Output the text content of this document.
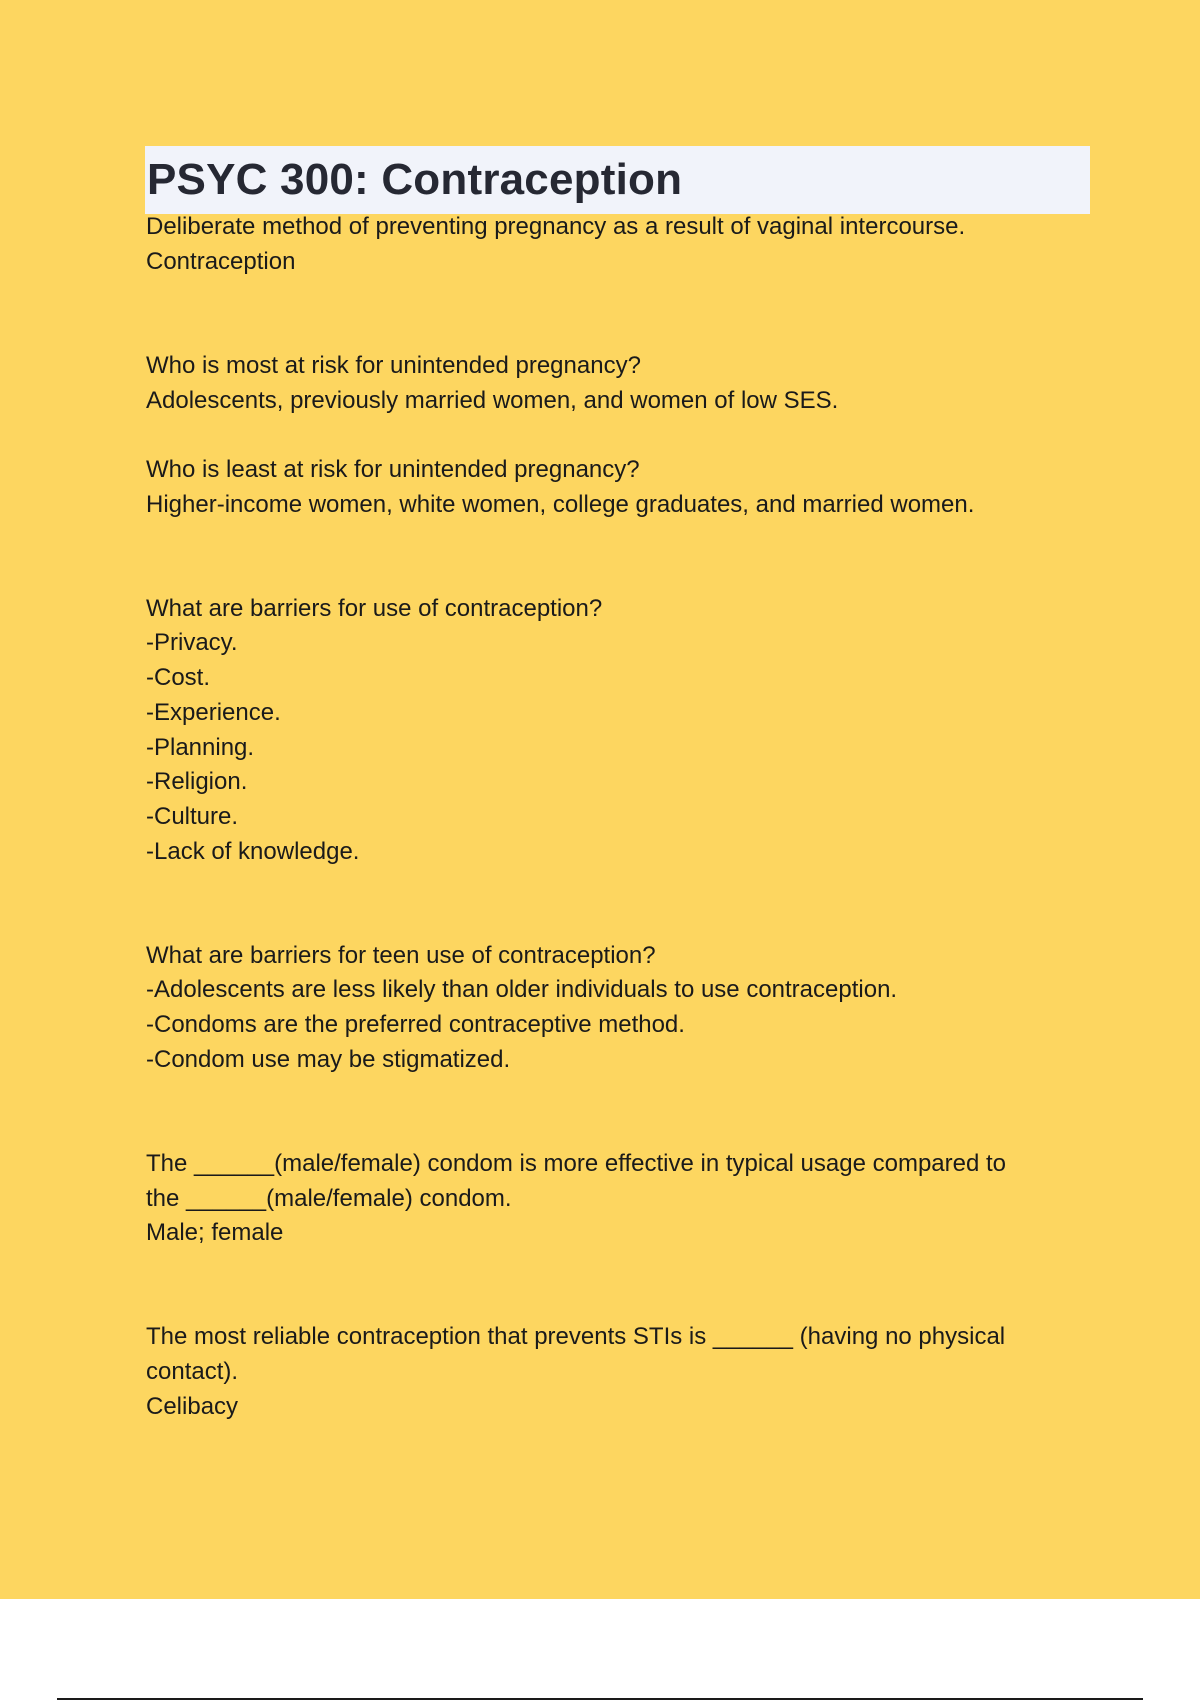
PSYC 300: Contraception
Deliberate method of preventing pregnancy as a result of vaginal intercourse.
Contraception
Who is most at risk for unintended pregnancy?
Adolescents, previously married women, and women of low SES.
Who is least at risk for unintended pregnancy?
Higher-income women, white women, college graduates, and married women.
What are barriers for use of contraception?
-Privacy.
-Cost.
-Experience.
-Planning.
-Religion.
-Culture.
-Lack of knowledge.
What are barriers for teen use of contraception?
-Adolescents are less likely than older individuals to use contraception.
-Condoms are the preferred contraceptive method.
-Condom use may be stigmatized.
The ______(male/female) condom is more effective in typical usage compared to
the ______(male/female) condom.
Male; female
The most reliable contraception that prevents STIs is ______ (having no physical
contact).
Celibacy
